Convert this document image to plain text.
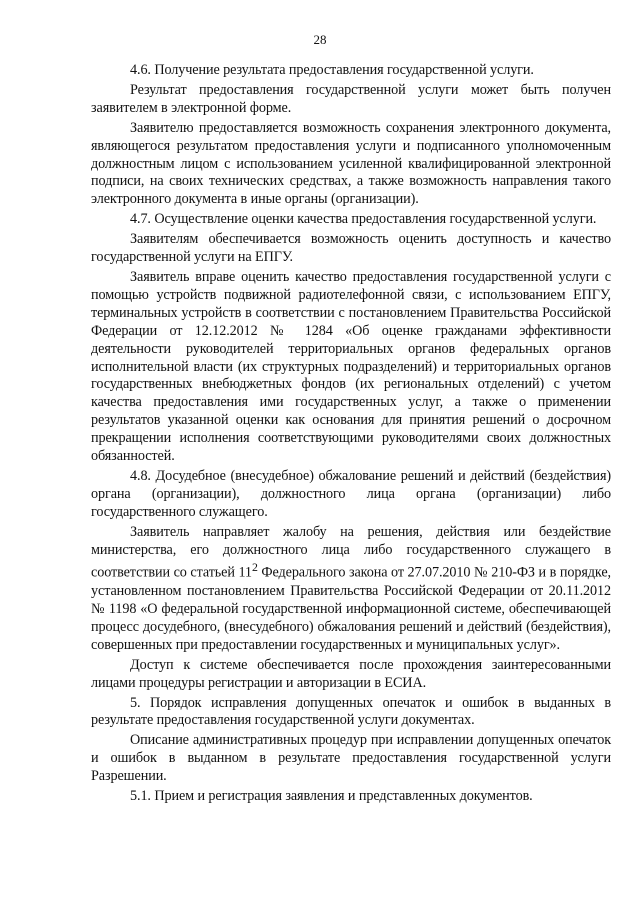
28

4.6. Получение результата предоставления государственной услуги.

Результат предоставления государственной услуги может быть получен заявителем в электронной форме.

Заявителю предоставляется возможность сохранения электронного документа, являющегося результатом предоставления услуги и подписанного уполномоченным должностным лицом с использованием усиленной квалифицированной электронной подписи, на своих технических средствах, а также возможность направления такого электронного документа в иные органы (организации).

4.7. Осуществление оценки качества предоставления государственной услуги.

Заявителям обеспечивается возможность оценить доступность и качество государственной услуги на ЕПГУ.

Заявитель вправе оценить качество предоставления государственной услуги с помощью устройств подвижной радиотелефонной связи, с использованием ЕПГУ, терминальных устройств в соответствии с постановлением Правительства Российской Федерации от 12.12.2012 № 1284 «Об оценке гражданами эффективности деятельности руководителей территориальных органов федеральных органов исполнительной власти (их структурных подразделений) и территориальных органов государственных внебюджетных фондов (их региональных отделений) с учетом качества предоставления ими государственных услуг, а также о применении результатов указанной оценки как основания для принятия решений о досрочном прекращении исполнения соответствующими руководителями своих должностных обязанностей.

4.8. Досудебное (внесудебное) обжалование решений и действий (бездействия) органа (организации), должностного лица органа (организации) либо государственного служащего.

Заявитель направляет жалобу на решения, действия или бездействие министерства, его должностного лица либо государственного служащего в соответствии со статьей $11^2$ Федерального закона от 27.07.2010 № 210-ФЗ и в порядке, установленном постановлением Правительства Российской Федерации от 20.11.2012 № 1198 «О федеральной государственной информационной системе, обеспечивающей процесс досудебного, (внесудебного) обжалования решений и действий (бездействия), совершенных при предоставлении государственных и муниципальных услуг».

Доступ к системе обеспечивается после прохождения заинтересованными лицами процедуры регистрации и авторизации в ЕСИА.

5. Порядок исправления допущенных опечаток и ошибок в выданных в результате предоставления государственной услуги документах.

Описание административных процедур при исправлении допущенных опечаток и ошибок в выданном в результате предоставления государственной услуги Разрешении.

5.1. Прием и регистрация заявления и представленных документов.
